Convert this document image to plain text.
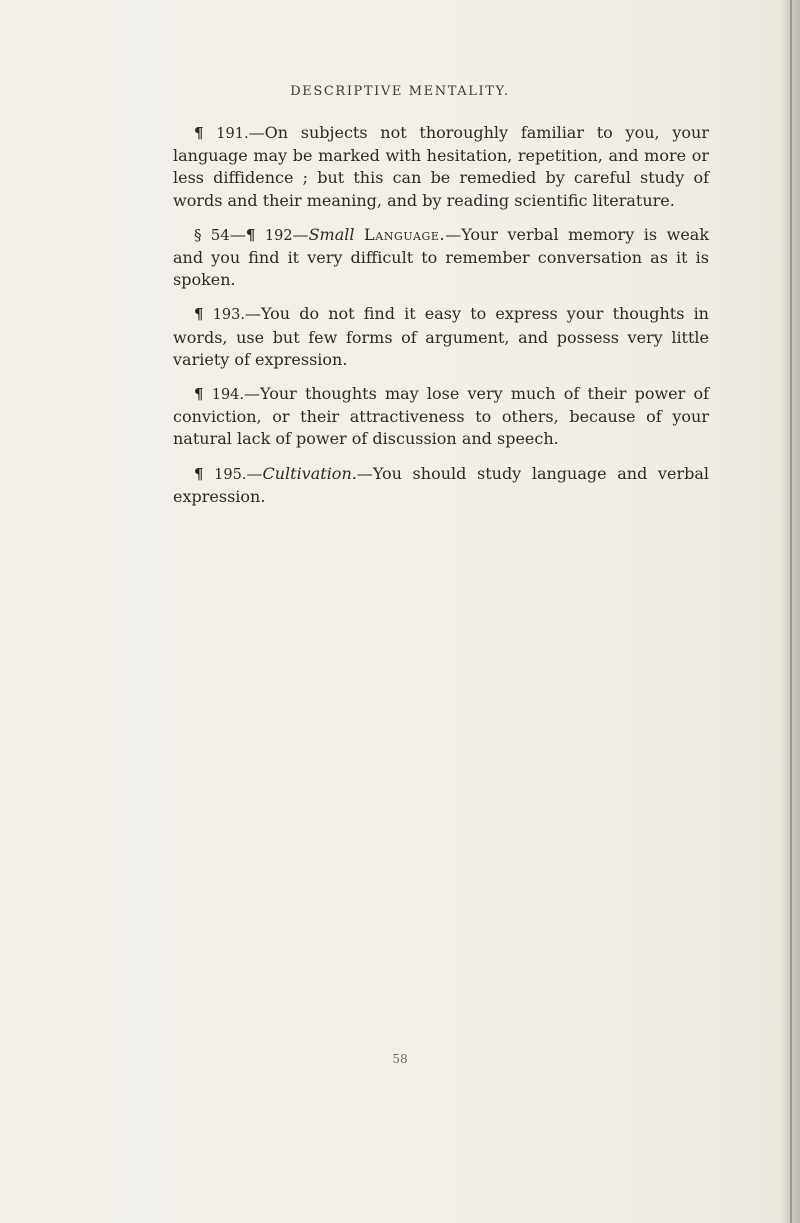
DESCRIPTIVE MENTALITY.

¶ 191.—On subjects not thoroughly familiar to you, your language may be marked with hesitation, repetition, and more or less diffidence ; but this can be remedied by careful study of words and their meaning, and by reading scientific literature.

§ 54—¶ 192—Small Language.—Your verbal memory is weak and you find it very difficult to remember conversation as it is spoken.

¶ 193.—You do not find it easy to express your thoughts in words, use but few forms of argument, and possess very little variety of expression.

¶ 194.—Your thoughts may lose very much of their power of conviction, or their attractiveness to others, because of your natural lack of power of discussion and speech.

¶ 195.—Cultivation.—You should study language and verbal expression.

58
